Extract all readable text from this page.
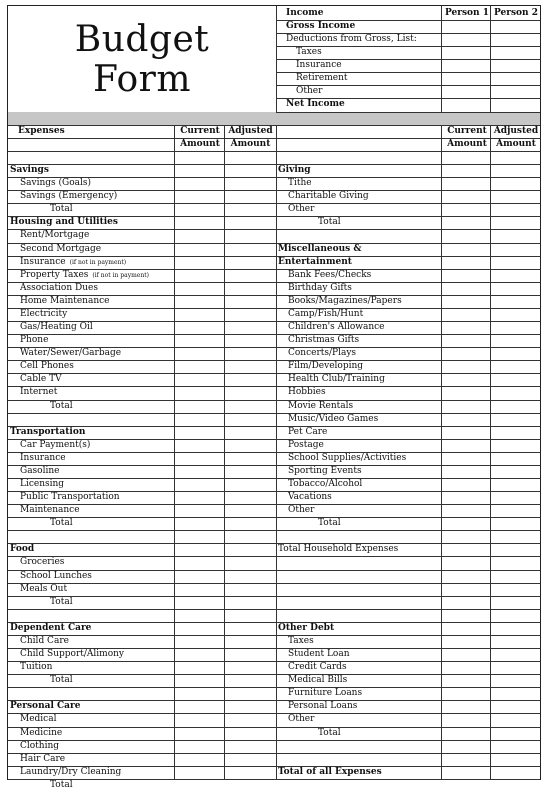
Budget
Form
Income	Person 1 Person 2
Gross Income
Deductions from Gross, List:
Taxes
Insurance
Retirement
Other
Net Income
Expenses	Current
Amount
Adjusted
Amount
Current
Amount
Adjusted
Amount
Savings
Savings (Goals)
Savings (Emergency)
Total
Housing and Utilities
Rent/Mortgage
Second Mortgage
Insurance (if not in payment)
Property Taxes (if not in payment)
Association Dues
Home Maintenance
Electricity
Gas/Heating Oil
Phone
Water/Sewer/Garbage
Cell Phones
Cable TV
Internet
Total
Transportation
Car Payment(s)
Insurance
Gasoline
Licensing
Public Transportation
Maintenance
Total
Food
Groceries
School Lunches
Meals Out
Total
Dependent Care
Child Care
Child Support/Alimony
Tuition
Total
Personal Care
Medical
Medicine
Clothing
Hair Care
Laundry/Dry Cleaning
Total
Giving
Tithe
Charitable Giving
Other
Total
Miscellaneous &
Entertainment
Bank Fees/Checks
Birthday Gifts
Books/Magazines/Papers
Camp/Fish/Hunt
Children's Allowance
Christmas Gifts
Concerts/Plays
Film/Developing
Health Club/Training
Hobbies
Movie Rentals
Music/Video Games
Pet Care
Postage
School Supplies/Activities
Sporting Events
Tobacco/Alcohol
Vacations
Other
Total
Total Household Expenses
Other Debt
Taxes
Student Loan
Credit Cards
Medical Bills
Furniture Loans
Personal Loans
Other
Total
Total of all Expenses
